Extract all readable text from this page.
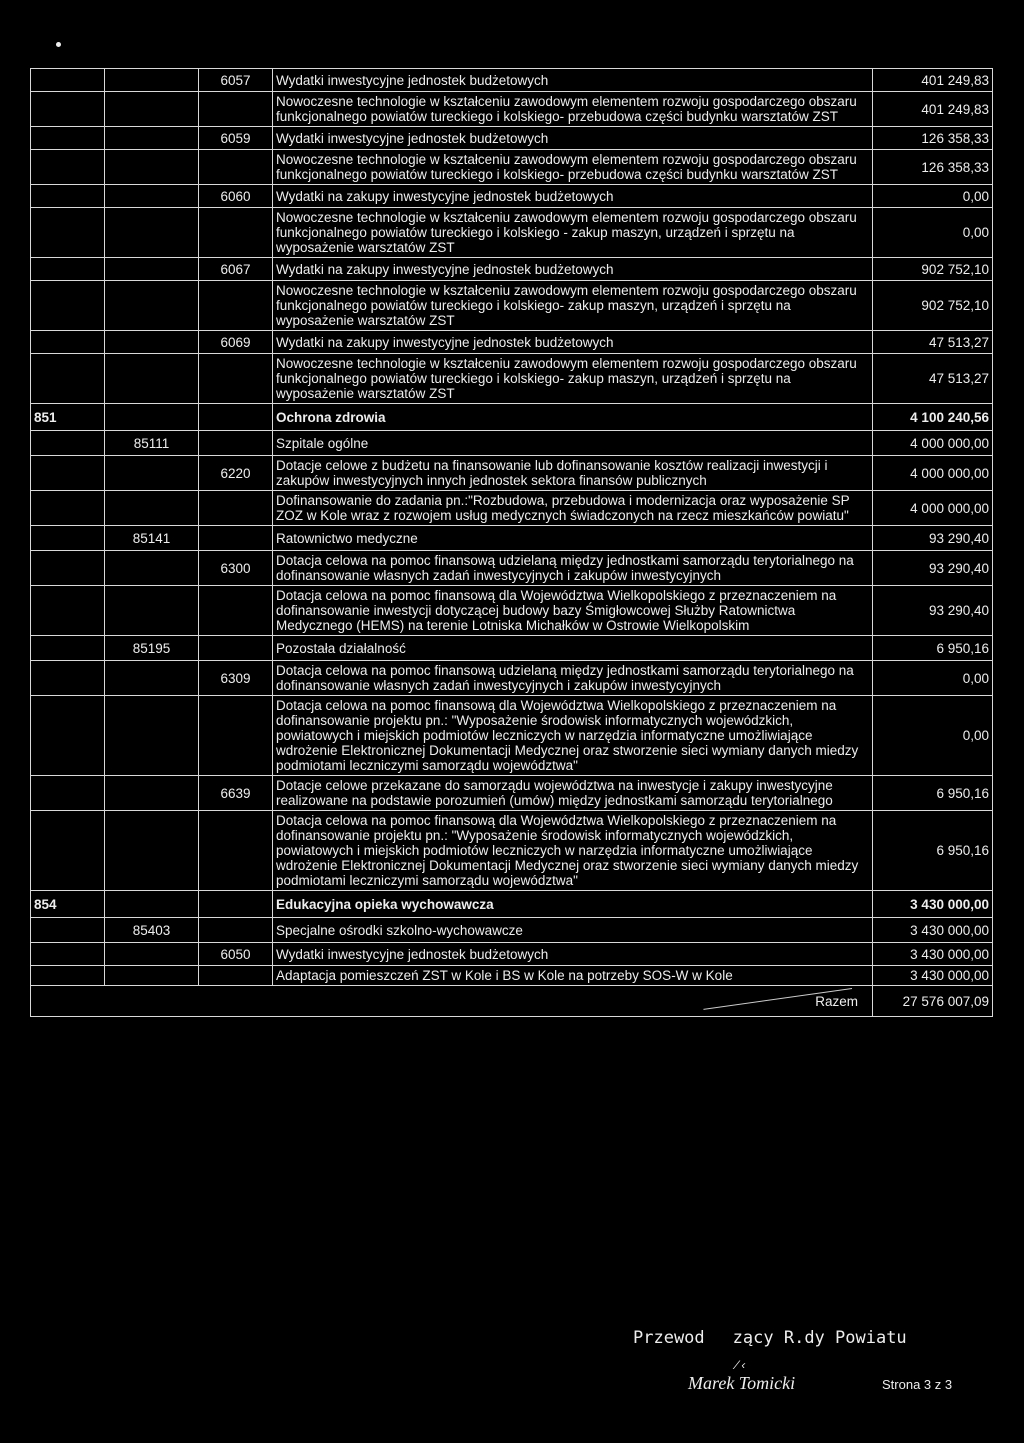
		6057	Wydatki inwestycyjne jednostek budżetowych	401 249,83
			Nowoczesne technologie w kształceniu zawodowym elementem rozwoju gospodarczego obszaru funkcjonalnego powiatów tureckiego i kolskiego- przebudowa części budynku warsztatów ZST	401 249,83
		6059	Wydatki inwestycyjne jednostek budżetowych	126 358,33
			Nowoczesne technologie w kształceniu zawodowym elementem rozwoju gospodarczego obszaru funkcjonalnego powiatów tureckiego i kolskiego- przebudowa części budynku warsztatów ZST	126 358,33
		6060	Wydatki na zakupy inwestycyjne jednostek budżetowych	0,00
			Nowoczesne technologie w kształceniu zawodowym elementem rozwoju gospodarczego obszaru funkcjonalnego powiatów tureckiego i kolskiego - zakup maszyn, urządzeń i sprzętu na wyposażenie warsztatów ZST	0,00
		6067	Wydatki na zakupy inwestycyjne jednostek budżetowych	902 752,10
			Nowoczesne technologie w kształceniu zawodowym elementem rozwoju gospodarczego obszaru funkcjonalnego powiatów tureckiego i kolskiego- zakup maszyn, urządzeń i sprzętu na wyposażenie warsztatów ZST	902 752,10
		6069	Wydatki na zakupy inwestycyjne jednostek budżetowych	47 513,27
			Nowoczesne technologie w kształceniu zawodowym elementem rozwoju gospodarczego obszaru funkcjonalnego powiatów tureckiego i kolskiego- zakup maszyn, urządzeń i sprzętu na wyposażenie warsztatów ZST	47 513,27
851			Ochrona zdrowia	4 100 240,56
	85111		Szpitale ogólne	4 000 000,00
		6220	Dotacje celowe z budżetu na finansowanie lub dofinansowanie kosztów realizacji inwestycji i zakupów inwestycyjnych innych jednostek sektora finansów publicznych	4 000 000,00
			Dofinansowanie do zadania pn.:"Rozbudowa, przebudowa i modernizacja oraz wyposażenie SP ZOZ w Kole wraz z rozwojem usług medycznych świadczonych na rzecz mieszkańców powiatu"	4 000 000,00
	85141		Ratownictwo medyczne	93 290,40
		6300	Dotacja celowa na pomoc finansową udzielaną między jednostkami samorządu terytorialnego na dofinansowanie własnych zadań inwestycyjnych i zakupów inwestycyjnych	93 290,40
			Dotacja celowa na pomoc finansową dla Województwa Wielkopolskiego z przeznaczeniem na dofinansowanie inwestycji dotyczącej budowy bazy Śmigłowcowej Służby Ratownictwa Medycznego (HEMS) na terenie Lotniska Michałków w Ostrowie Wielkopolskim	93 290,40
	85195		Pozostała działalność	6 950,16
		6309	Dotacja celowa na pomoc finansową udzielaną między jednostkami samorządu terytorialnego na dofinansowanie własnych zadań inwestycyjnych i zakupów inwestycyjnych	0,00
			Dotacja celowa na pomoc finansową dla Województwa Wielkopolskiego z przeznaczeniem na dofinansowanie projektu pn.: "Wyposażenie środowisk informatycznych wojewódzkich, powiatowych i miejskich podmiotów leczniczych w narzędzia informatyczne umożliwiające wdrożenie Elektronicznej Dokumentacji Medycznej oraz stworzenie sieci wymiany danych miedzy podmiotami leczniczymi samorządu województwa"	0,00
		6639	Dotacje celowe przekazane do samorządu województwa na inwestycje i zakupy inwestycyjne realizowane na podstawie porozumień (umów) między jednostkami samorządu terytorialnego	6 950,16
			Dotacja celowa na pomoc finansową dla Województwa Wielkopolskiego z przeznaczeniem na dofinansowanie projektu pn.: "Wyposażenie środowisk informatycznych wojewódzkich, powiatowych i miejskich podmiotów leczniczych w narzędzia informatyczne umożliwiające wdrożenie Elektronicznej Dokumentacji Medycznej oraz stworzenie sieci wymiany danych miedzy podmiotami leczniczymi samorządu województwa"	6 950,16
854			Edukacyjna opieka wychowawcza	3 430 000,00
	85403		Specjalne ośrodki szkolno-wychowawcze	3 430 000,00
		6050	Wydatki inwestycyjne jednostek budżetowych	3 430 000,00
			Adaptacja pomieszczeń ZST w Kole i BS w Kole na potrzeby SOS-W w Kole	3 430 000,00

Razem				27 576 007,09
Przewod zący R.dy Powiatu
⁄ ‹
Marek Tomicki	Strona 3 z 3
